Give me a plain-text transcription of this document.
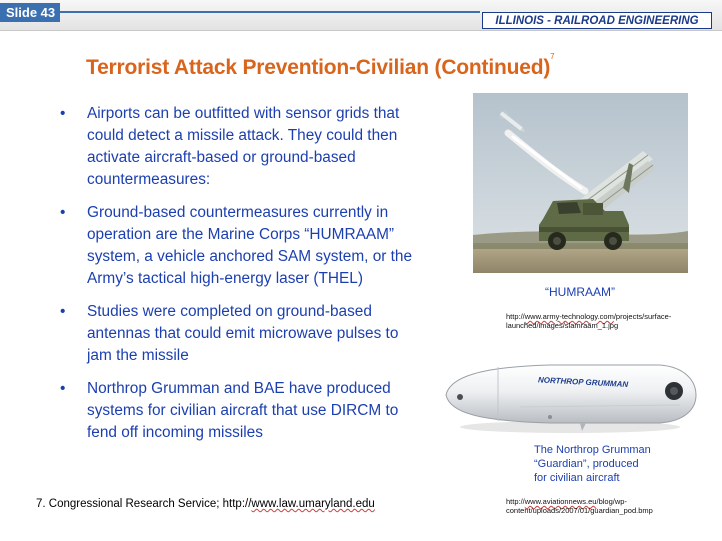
Slide 43
ILLINOIS - RAILROAD ENGINEERING
Terrorist Attack Prevention-Civilian (Continued)$^7$
• Airports can be outfitted with sensor grids that could detect a missile attack. They could then activate aircraft-based or ground-based countermeasures:
• Ground-based countermeasures currently in operation are the Marine Corps “HUMRAAM” system, a vehicle anchored SAM system, or the Army’s tactical high-energy laser (THEL)
• Studies were completed on ground-based antennas that could emit microwave pulses to jam the missile
• Northrop Grumman and BAE have produced systems for civilian aircraft that use DIRCM to fend off incoming missiles
“HUMRAAM”
http://www.army-technology.com/projects/surface-launched/images/slamraam_1.jpg
NORTHROP GRUMMAN
The Northrop Grumman
“Guardian”, produced
for civilian aircraft
http://www.aviationnews.eu/blog/wp-content/uploads/2007/01/guardian_pod.bmp
7. Congressional Research Service; http://www.law.umaryland.edu
